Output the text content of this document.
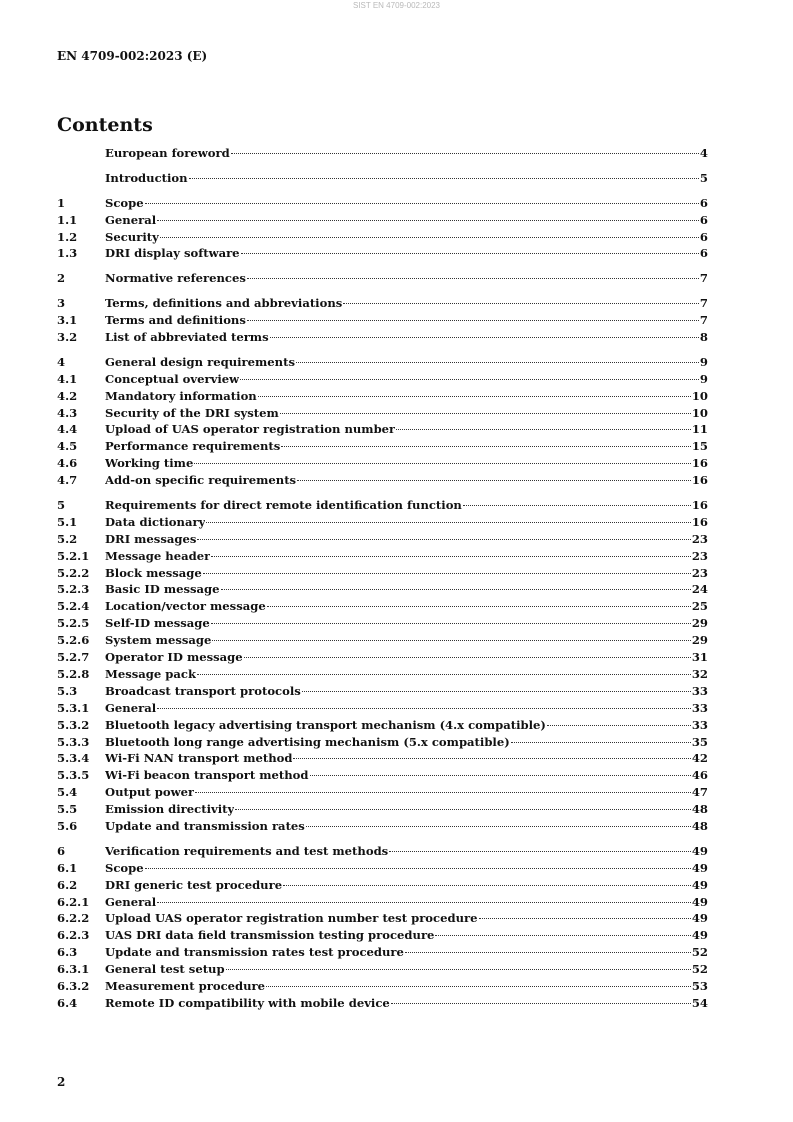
SIST EN 4709-002:2023
EN 4709-002:2023 (E)
Contents
European foreword	4
Introduction	5
1	Scope	6
1.1	General	6
1.2	Security	6
1.3	DRI display software	6
2	Normative references	7
3	Terms, definitions and abbreviations	7
3.1	Terms and definitions	7
3.2	List of abbreviated terms	8
4	General design requirements	9
4.1	Conceptual overview	9
4.2	Mandatory information	10
4.3	Security of the DRI system	10
4.4	Upload of UAS operator registration number	11
4.5	Performance requirements	15
4.6	Working time	16
4.7	Add-on specific requirements	16
5	Requirements for direct remote identification function	16
5.1	Data dictionary	16
5.2	DRI messages	23
5.2.1	Message header	23
5.2.2	Block message	23
5.2.3	Basic ID message	24
5.2.4	Location/vector message	25
5.2.5	Self-ID message	29
5.2.6	System message	29
5.2.7	Operator ID message	31
5.2.8	Message pack	32
5.3	Broadcast transport protocols	33
5.3.1	General	33
5.3.2	Bluetooth legacy advertising transport mechanism (4.x compatible)	33
5.3.3	Bluetooth long range advertising mechanism (5.x compatible)	35
5.3.4	Wi-Fi NAN transport method	42
5.3.5	Wi-Fi beacon transport method	46
5.4	Output power	47
5.5	Emission directivity	48
5.6	Update and transmission rates	48
6	Verification requirements and test methods	49
6.1	Scope	49
6.2	DRI generic test procedure	49
6.2.1	General	49
6.2.2	Upload UAS operator registration number test procedure	49
6.2.3	UAS DRI data field transmission testing procedure	49
6.3	Update and transmission rates test procedure	52
6.3.1	General test setup	52
6.3.2	Measurement procedure	53
6.4	Remote ID compatibility with mobile device	54
2
